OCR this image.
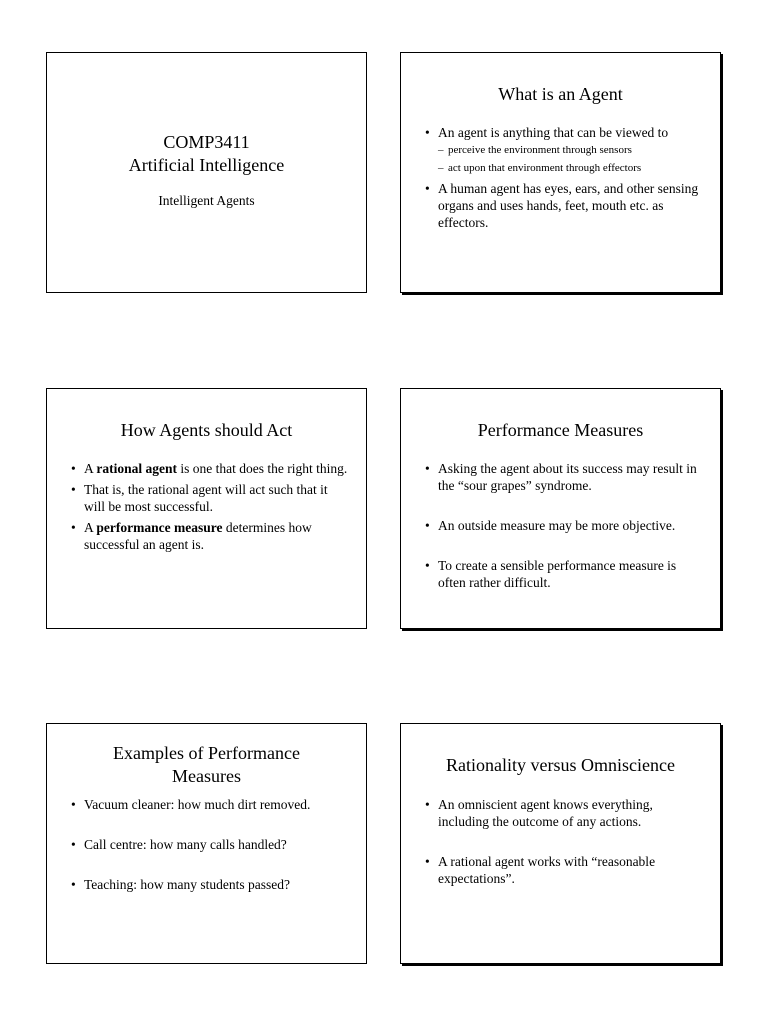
COMP3411
Artificial Intelligence
Intelligent Agents
What is an Agent
• An agent is anything that can be viewed to
– perceive the environment through sensors
– act upon that environment through effectors
• A human agent has eyes, ears, and other sensing organs and uses hands, feet, mouth etc. as effectors.
How Agents should Act
• A rational agent is one that does the right thing.
• That is, the rational agent will act such that it will be most successful.
• A performance measure determines how successful an agent is.
Performance Measures
• Asking the agent about its success may result in the “sour grapes” syndrome.
• An outside measure may be more objective.
• To create a sensible performance measure is often rather difficult.
Examples of Performance Measures
• Vacuum cleaner: how much dirt removed.
• Call centre: how many calls handled?
• Teaching: how many students passed?
Rationality versus Omniscience
• An omniscient agent knows everything, including the outcome of any actions.
• A rational agent works with “reasonable expectations”.
